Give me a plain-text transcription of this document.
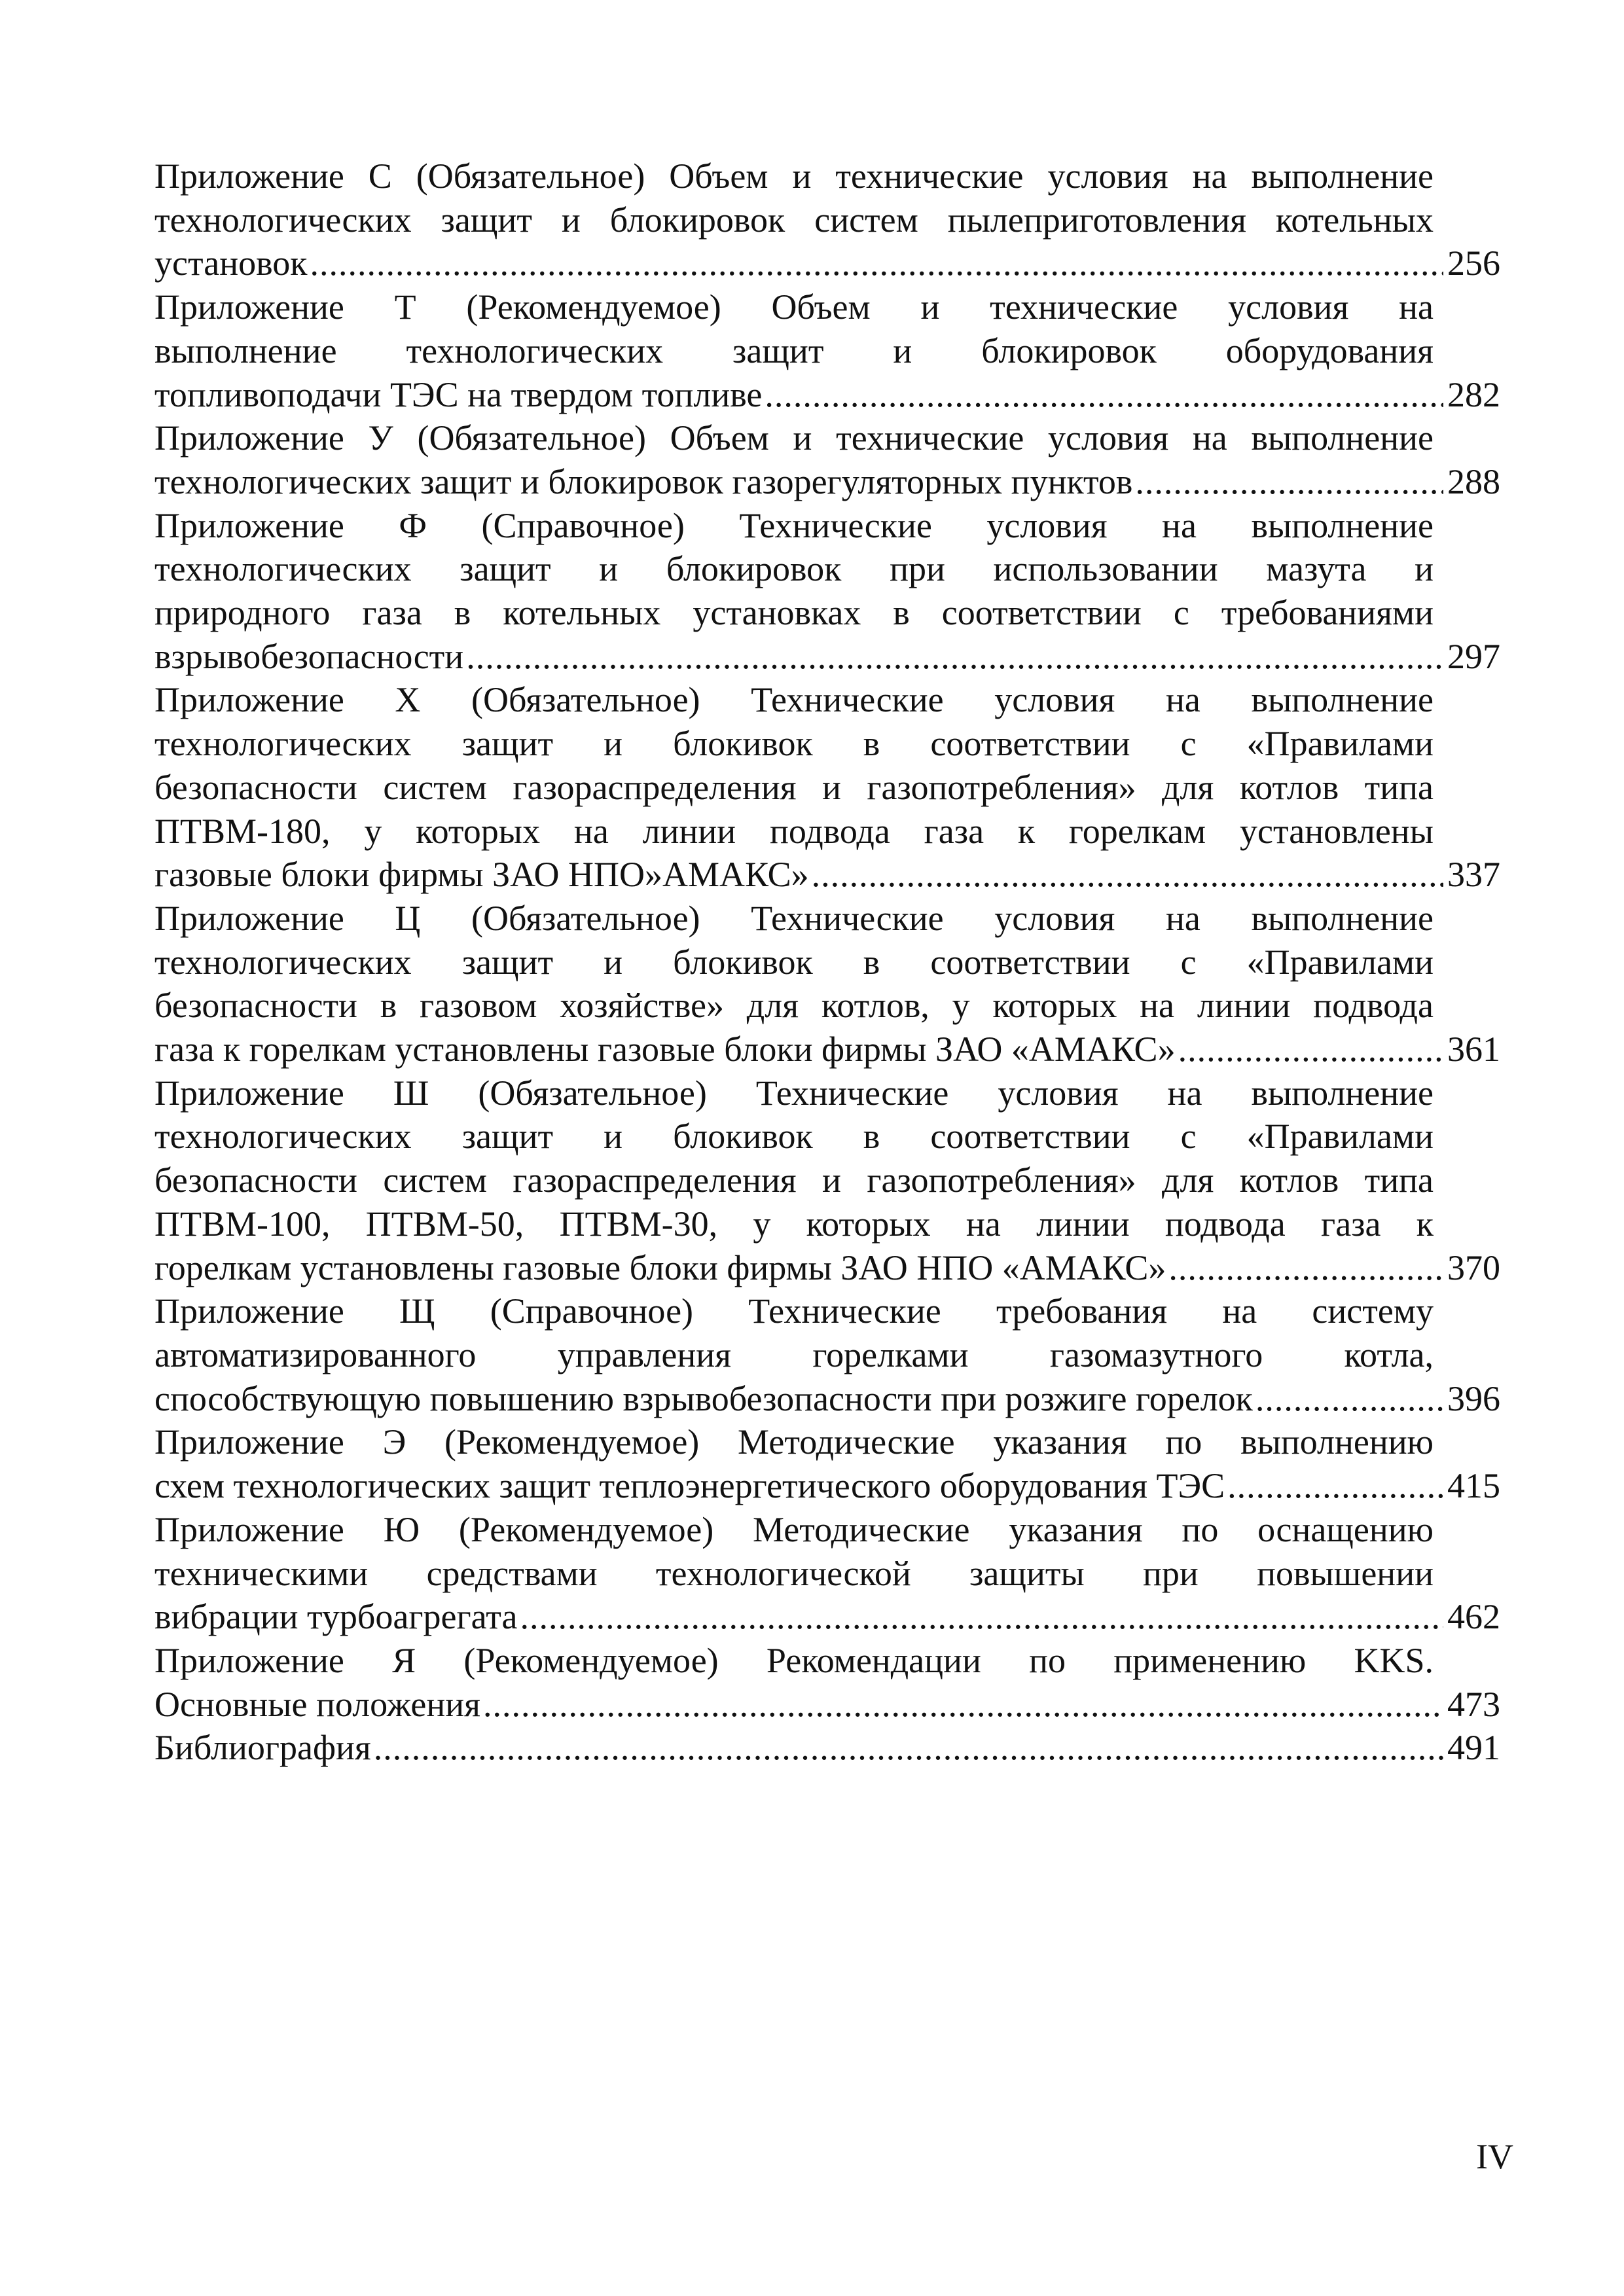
Приложение С (Обязательное) Объем и технические условия на выполнение
технологических защит и блокировок систем пылеприготовления котельных
установок .....	256
Приложение Т (Рекомендуемое) Объем и технические условия на
выполнение технологических защит и блокировок оборудования
топливоподачи ТЭС на твердом топливе .....	282
Приложение У (Обязательное) Объем и технические условия на выполнение
технологических защит и блокировок газорегуляторных пунктов .....	288
Приложение Ф (Справочное) Технические условия на выполнение
технологических защит и блокировок при использовании мазута и
природного газа в котельных установках в соответствии с требованиями
взрывобезопасности .....	297
Приложение Х (Обязательное) Технические условия на выполнение
технологических защит и блокивок в соответствии с «Правилами
безопасности систем газораспределения и газопотребления» для котлов типа
ПТВМ-180, у которых на линии подвода газа к горелкам установлены
газовые блоки фирмы ЗАО НПО»АМАКС» .....	337
Приложение Ц (Обязательное) Технические условия на выполнение
технологических защит и блокивок в соответствии с «Правилами
безопасности в газовом хозяйстве» для котлов, у которых на линии подвода
газа к горелкам установлены газовые блоки фирмы ЗАО «АМАКС» .....	361
Приложение Ш (Обязательное) Технические условия на выполнение
технологических защит и блокивок в соответствии с «Правилами
безопасности систем газораспределения и газопотребления» для котлов типа
ПТВМ-100, ПТВМ-50, ПТВМ-30, у которых на линии подвода газа к
горелкам установлены газовые блоки фирмы ЗАО НПО «АМАКС» .....	370
Приложение Щ (Справочное) Технические требования на систему
автоматизированного управления горелками газомазутного котла,
способствующую повышению взрывобезопасности при розжиге горелок .....	396
Приложение Э (Рекомендуемое) Методические указания по выполнению
схем технологических защит теплоэнергетического оборудования ТЭС .....	415
Приложение Ю (Рекомендуемое) Методические указания по оснащению
техническими средствами технологической защиты при повышении
вибрации турбоагрегата .....	462
Приложение Я (Рекомендуемое) Рекомендации по применению KKS.
Основные положения .....	473
Библиография .....	491
IV
